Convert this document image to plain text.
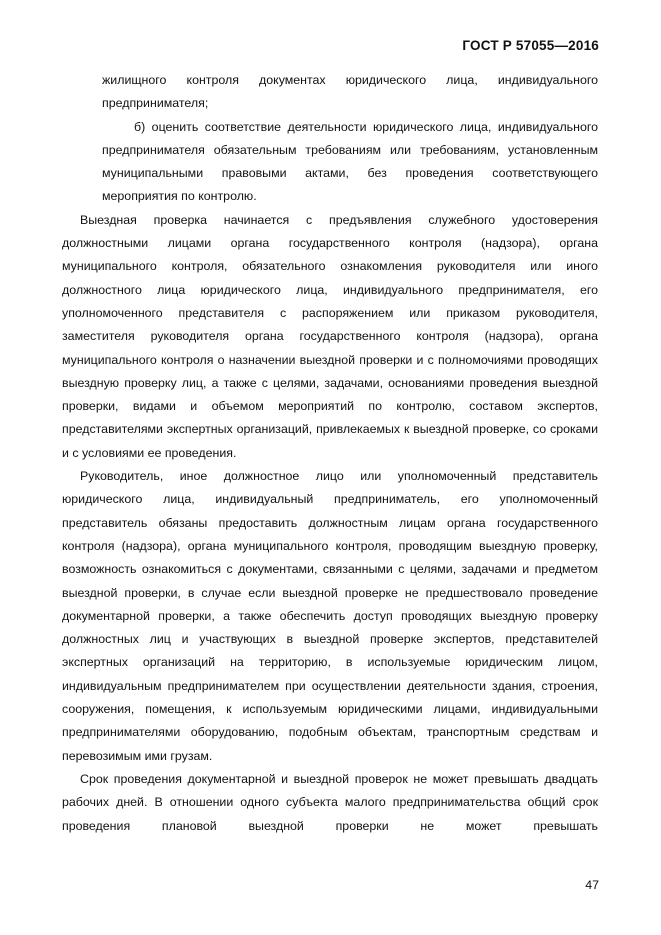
ГОСТ Р 57055—2016

жилищного контроля документах юридического лица, индивидуального предпринимателя;

б) оценить соответствие деятельности юридического лица, индивидуального предпринимателя обязательным требованиям или требованиям, установленным муниципальными правовыми актами, без проведения соответствующего мероприятия по контролю.

Выездная проверка начинается с предъявления служебного удостоверения должностными лицами органа государственного контроля (надзора), органа муниципального контроля, обязательного ознакомления руководителя или иного должностного лица юридического лица, индивидуального предпринимателя, его уполномоченного представителя с распоряжением или приказом руководителя, заместителя руководителя органа государственного контроля (надзора), органа муниципального контроля о назначении выездной проверки и с полномочиями проводящих выездную проверку лиц, а также с целями, задачами, основаниями проведения выездной проверки, видами и объемом мероприятий по контролю, составом экспертов, представителями экспертных организаций, привлекаемых к выездной проверке, со сроками и с условиями ее проведения.

Руководитель, иное должностное лицо или уполномоченный представитель юридического лица, индивидуальный предприниматель, его уполномоченный представитель обязаны предоставить должностным лицам органа государственного контроля (надзора), органа муниципального контроля, проводящим выездную проверку, возможность ознакомиться с документами, связанными с целями, задачами и предметом выездной проверки, в случае если выездной проверке не предшествовало проведение документарной проверки, а также обеспечить доступ проводящих выездную проверку должностных лиц и участвующих в выездной проверке экспертов, представителей экспертных организаций на территорию, в используемые юридическим лицом, индивидуальным предпринимателем при осуществлении деятельности здания, строения, сооружения, помещения, к используемым юридическими лицами, индивидуальными предпринимателями оборудованию, подобным объектам, транспортным средствам и перевозимым ими грузам.

Срок проведения документарной и выездной проверок не может превышать двадцать рабочих дней. В отношении одного субъекта малого предпринимательства общий срок проведения плановой выездной проверки не может превышать

47
